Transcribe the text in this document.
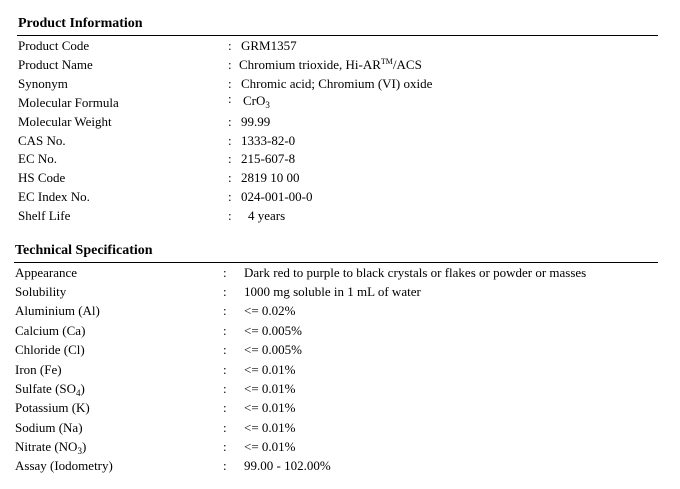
Product Information
Product Code	: GRM1357
Product Name	: Chromium trioxide, Hi-AR™/ACS
Synonym	: Chromic acid; Chromium (VI) oxide
Molecular Formula	: CrO$_3$
Molecular Weight	: 99.99
CAS No.	: 1333-82-0
EC No.	: 215-607-8
HS Code	: 2819 10 00
EC Index No.	: 024-001-00-0
Shelf Life	: 4 years
Technical Specification
Appearance	: Dark red to purple to black crystals or flakes or powder or masses
Solubility	: 1000 mg soluble in 1 mL of water
Aluminium (Al)	: <= 0.02%
Calcium (Ca)	: <= 0.005%
Chloride (Cl)	: <= 0.005%
Iron (Fe)	: <= 0.01%
Sulfate $(SO_4)$	: <= 0.01%
Potassium (K)	: <= 0.01%
Sodium (Na)	: <= 0.01%
Nitrate $(NO_3)$	: <= 0.01%
Assay (Iodometry)	: 99.00 - 102.00%
